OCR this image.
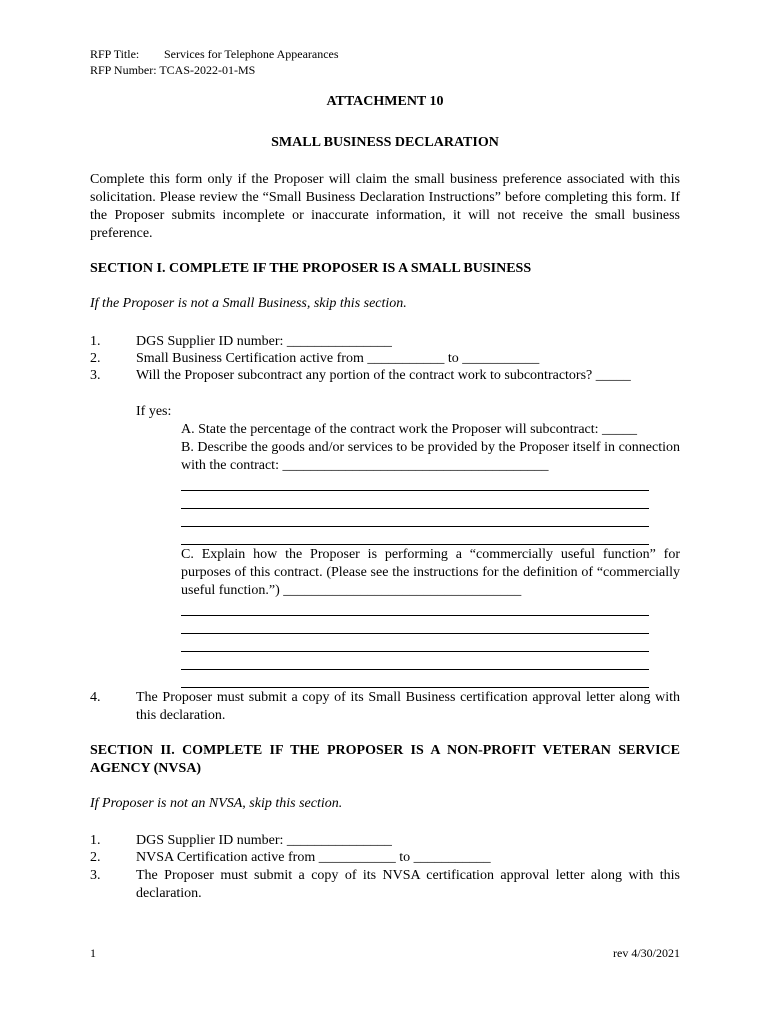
RFP Title: Services for Telephone Appearances
RFP Number: TCAS-2022-01-MS
ATTACHMENT 10
SMALL BUSINESS DECLARATION
Complete this form only if the Proposer will claim the small business preference associated with this solicitation. Please review the “Small Business Declaration Instructions” before completing this form. If the Proposer submits incomplete or inaccurate information, it will not receive the small business preference.
SECTION I. COMPLETE IF THE PROPOSER IS A SMALL BUSINESS
If the Proposer is not a Small Business, skip this section.
1.	DGS Supplier ID number: _______________
2.	Small Business Certification active from ___________ to ___________
3.	Will the Proposer subcontract any portion of the contract work to subcontractors? _____
If yes:
A. State the percentage of the contract work the Proposer will subcontract: _____
B. Describe the goods and/or services to be provided by the Proposer itself in connection with the contract: ______________________________________
C. Explain how the Proposer is performing a “commercially useful function” for purposes of this contract. (Please see the instructions for the definition of “commercially useful function.”) __________________________________
4.	The Proposer must submit a copy of its Small Business certification approval letter along with this declaration.
SECTION II. COMPLETE IF THE PROPOSER IS A NON-PROFIT VETERAN SERVICE AGENCY (NVSA)
If Proposer is not an NVSA, skip this section.
1.	DGS Supplier ID number: _______________
2.	NVSA Certification active from ___________ to ___________
3.	The Proposer must submit a copy of its NVSA certification approval letter along with this declaration.
1	rev 4/30/2021
